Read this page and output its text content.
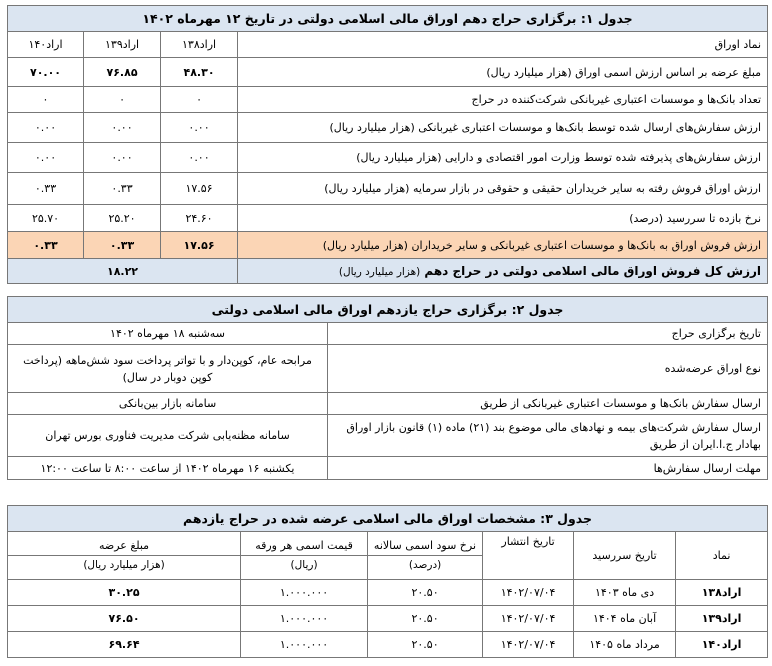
جدول ۱: برگزاری حراج دهم اوراق مالی اسلامی دولتی در تاریخ ۱۲ مهرماه ۱۴۰۲			
نماد اوراق	اراد۱۳۸	اراد۱۳۹	اراد۱۴۰
مبلغ عرضه بر اساس ارزش اسمی اوراق (هزار میلیارد ریال)	۴۸.۳۰	۷۶.۸۵	۷۰.۰۰
تعداد بانک‌ها و موسسات اعتباری غیربانکی شرکت‌کننده در حراج	۰	۰	۰
ارزش سفارش‌های ارسال شده توسط بانک‌ها و موسسات اعتباری غیربانکی (هزار میلیارد ریال)	۰.۰۰	۰.۰۰	۰.۰۰
ارزش سفارش‌های پذیرفته شده توسط وزارت امور اقتصادی و دارایی (هزار میلیارد ریال)	۰.۰۰	۰.۰۰	۰.۰۰
ارزش اوراق فروش رفته به سایر خریداران حقیقی و حقوقی در بازار سرمایه (هزار میلیارد ریال)	۱۷.۵۶	۰.۳۳	۰.۳۳
نرخ بازده تا سررسید (درصد)	۲۴.۶۰	۲۵.۲۰	۲۵.۷۰
ارزش فروش اوراق به بانک‌ها و موسسات اعتباری غیربانکی و سایر خریداران (هزار میلیارد ریال)	۱۷.۵۶	۰.۳۳	۰.۳۳
ارزش کل فروش اوراق مالی اسلامی دولتی در حراج دهم (هزار میلیارد ریال)	۱۸.۲۲		
جدول ۲: برگزاری حراج یازدهم اوراق مالی اسلامی دولتی	
تاریخ برگزاری حراج	سه‌شنبه ۱۸ مهرماه ۱۴۰۲
نوع اوراق عرضه‌شده	مرابحه عام، کوپن‌دار و با تواتر پرداخت سود شش‌ماهه (پرداخت کوپن دوبار در سال)
ارسال سفارش بانک‌ها و موسسات اعتباری غیربانکی از طریق	سامانه بازار بین‌بانکی
ارسال سفارش شرکت‌های بیمه و نهادهای مالی موضوع بند (۲۱) ماده (۱) قانون بازار اوراق بهادار ج.ا.ایران از طریق	سامانه مظنه‌یابی شرکت مدیریت فناوری بورس تهران
مهلت ارسال سفارش‌ها	یکشنبه ۱۶ مهرماه ۱۴۰۲ از ساعت ۸:۰۰ تا ساعت ۱۲:۰۰
جدول ۳: مشخصات اوراق مالی اسلامی عرضه شده در حراج یازدهم					
نماد	تاریخ سررسید	تاریخ انتشار	نرخ سود اسمی سالانه	قیمت اسمی هر ورقه	مبلغ عرضه
			(درصد)	(ریال)	(هزار میلیارد ریال)
اراد۱۳۸	دی ماه ۱۴۰۳	۱۴۰۲/۰۷/۰۴	۲۰.۵۰	۱.۰۰۰.۰۰۰	۳۰.۲۵
اراد۱۳۹	آبان ماه ۱۴۰۴	۱۴۰۲/۰۷/۰۴	۲۰.۵۰	۱.۰۰۰.۰۰۰	۷۶.۵۰
اراد۱۴۰	مرداد ماه ۱۴۰۵	۱۴۰۲/۰۷/۰۴	۲۰.۵۰	۱.۰۰۰.۰۰۰	۶۹.۶۴
